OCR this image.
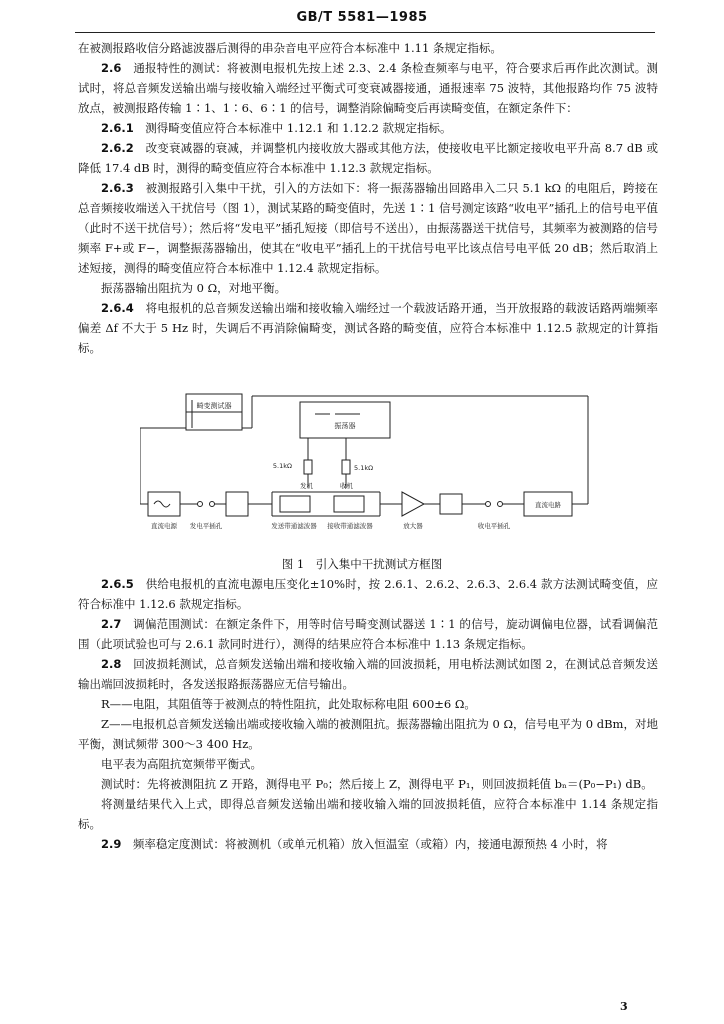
GB/T 5581—1985

在被测报路收信分路滤波器后测得的串杂音电平应符合本标准中 1.11 条规定指标。

2.6　 通报特性的测试：将被测电报机先按上述 2.3、2.4 条检查频率与电平，符合要求后再作此次测试。测试时，将总音频发送输出端与接收输入端经过平衡式可变衰减器接通，通报速率 75 波特，其他报路均作 75 波特放点，被测报路传输 1∶1、1∶6、6∶1 的信号，调整消除偏畸变后再读畸变值，在额定条件下：

2.6.1　 测得畸变值应符合本标准中 1.12.1 和 1.12.2 款规定指标。

2.6.2　 改变衰减器的衰减，并调整机内接收放大器或其他方法，使接收电平比额定接收电平升高 8.7 dB 或降低 17.4 dB 时，测得的畸变值应符合本标准中 1.12.3 款规定指标。

2.6.3　 被测报路引入集中干扰，引入的方法如下：将一振荡器输出回路串入二只 5.1 kΩ 的电阻后，跨接在总音频接收端送入干扰信号（图 1），测试某路的畸变值时，先送 1∶1 信号测定该路“收电平”插孔上的信号电平值（此时不送干扰信号）；然后将“发电平”插孔短接（即信号不送出），由振荡器送干扰信号，其频率为被测路的信号频率 F+或 F−，调整振荡器输出，使其在“收电平”插孔上的干扰信号电平比该点信号电平低 20 dB；然后取消上述短接，测得的畸变值应符合本标准中 1.12.4 款规定指标。

振荡器输出阻抗为 0 Ω，对地平衡。

2.6.4　 将电报机的总音频发送输出端和接收输入端经过一个载波话路开通，当开放报路的载波话路两端频率偏差 Δf 不大于 5 Hz 时，失调后不再消除偏畸变，测试各路的畸变值，应符合本标准中 1.12.5 款规定的计算指标。

畸变测试器
振荡器
5.1kΩ	5.1kΩ
发机	收机
直流电源 发电平插孔	发送带通滤波器 接收带通滤波器	放大器	收电平插孔
直流电路
图 1　引入集中干扰测试方框图

2.6.5　 供给电报机的直流电源电压变化±10%时，按 2.6.1、2.6.2、2.6.3、2.6.4 款方法测试畸变值，应符合标准中 1.12.6 款规定指标。

2.7　 调偏范围测试：在额定条件下，用等时信号畸变测试器送 1∶1 的信号，旋动调偏电位器，试看调偏范围（此项试验也可与 2.6.1 款同时进行），测得的结果应符合本标准中 1.13 条规定指标。

2.8　 回波损耗测试，总音频发送输出端和接收输入端的回波损耗，用电桥法测试如图 2，在测试总音频发送输出端回波损耗时，各发送报路振荡器应无信号输出。

R——电阻，其阻值等于被测点的特性阻抗，此处取标称电阻 600±6 Ω。

Z——电报机总音频发送输出端或接收输入端的被测阻抗。振荡器输出阻抗为 0 Ω，信号电平为 0 dBm，对地平衡，测试频带 300～3 400 Hz。

电平表为高阻抗宽频带平衡式。

测试时：先将被测阻抗 Z 开路，测得电平 P₀；然后接上 Z，测得电平 P₁，则回波损耗值 bₙ＝(P₀−P₁) dB。

将测量结果代入上式，即得总音频发送输出端和接收输入端的回波损耗值，应符合本标准中 1.14 条规定指标。

2.9　 频率稳定度测试：将被测机（或单元机箱）放入恒温室（或箱）内，接通电源预热 4 小时，将

3
